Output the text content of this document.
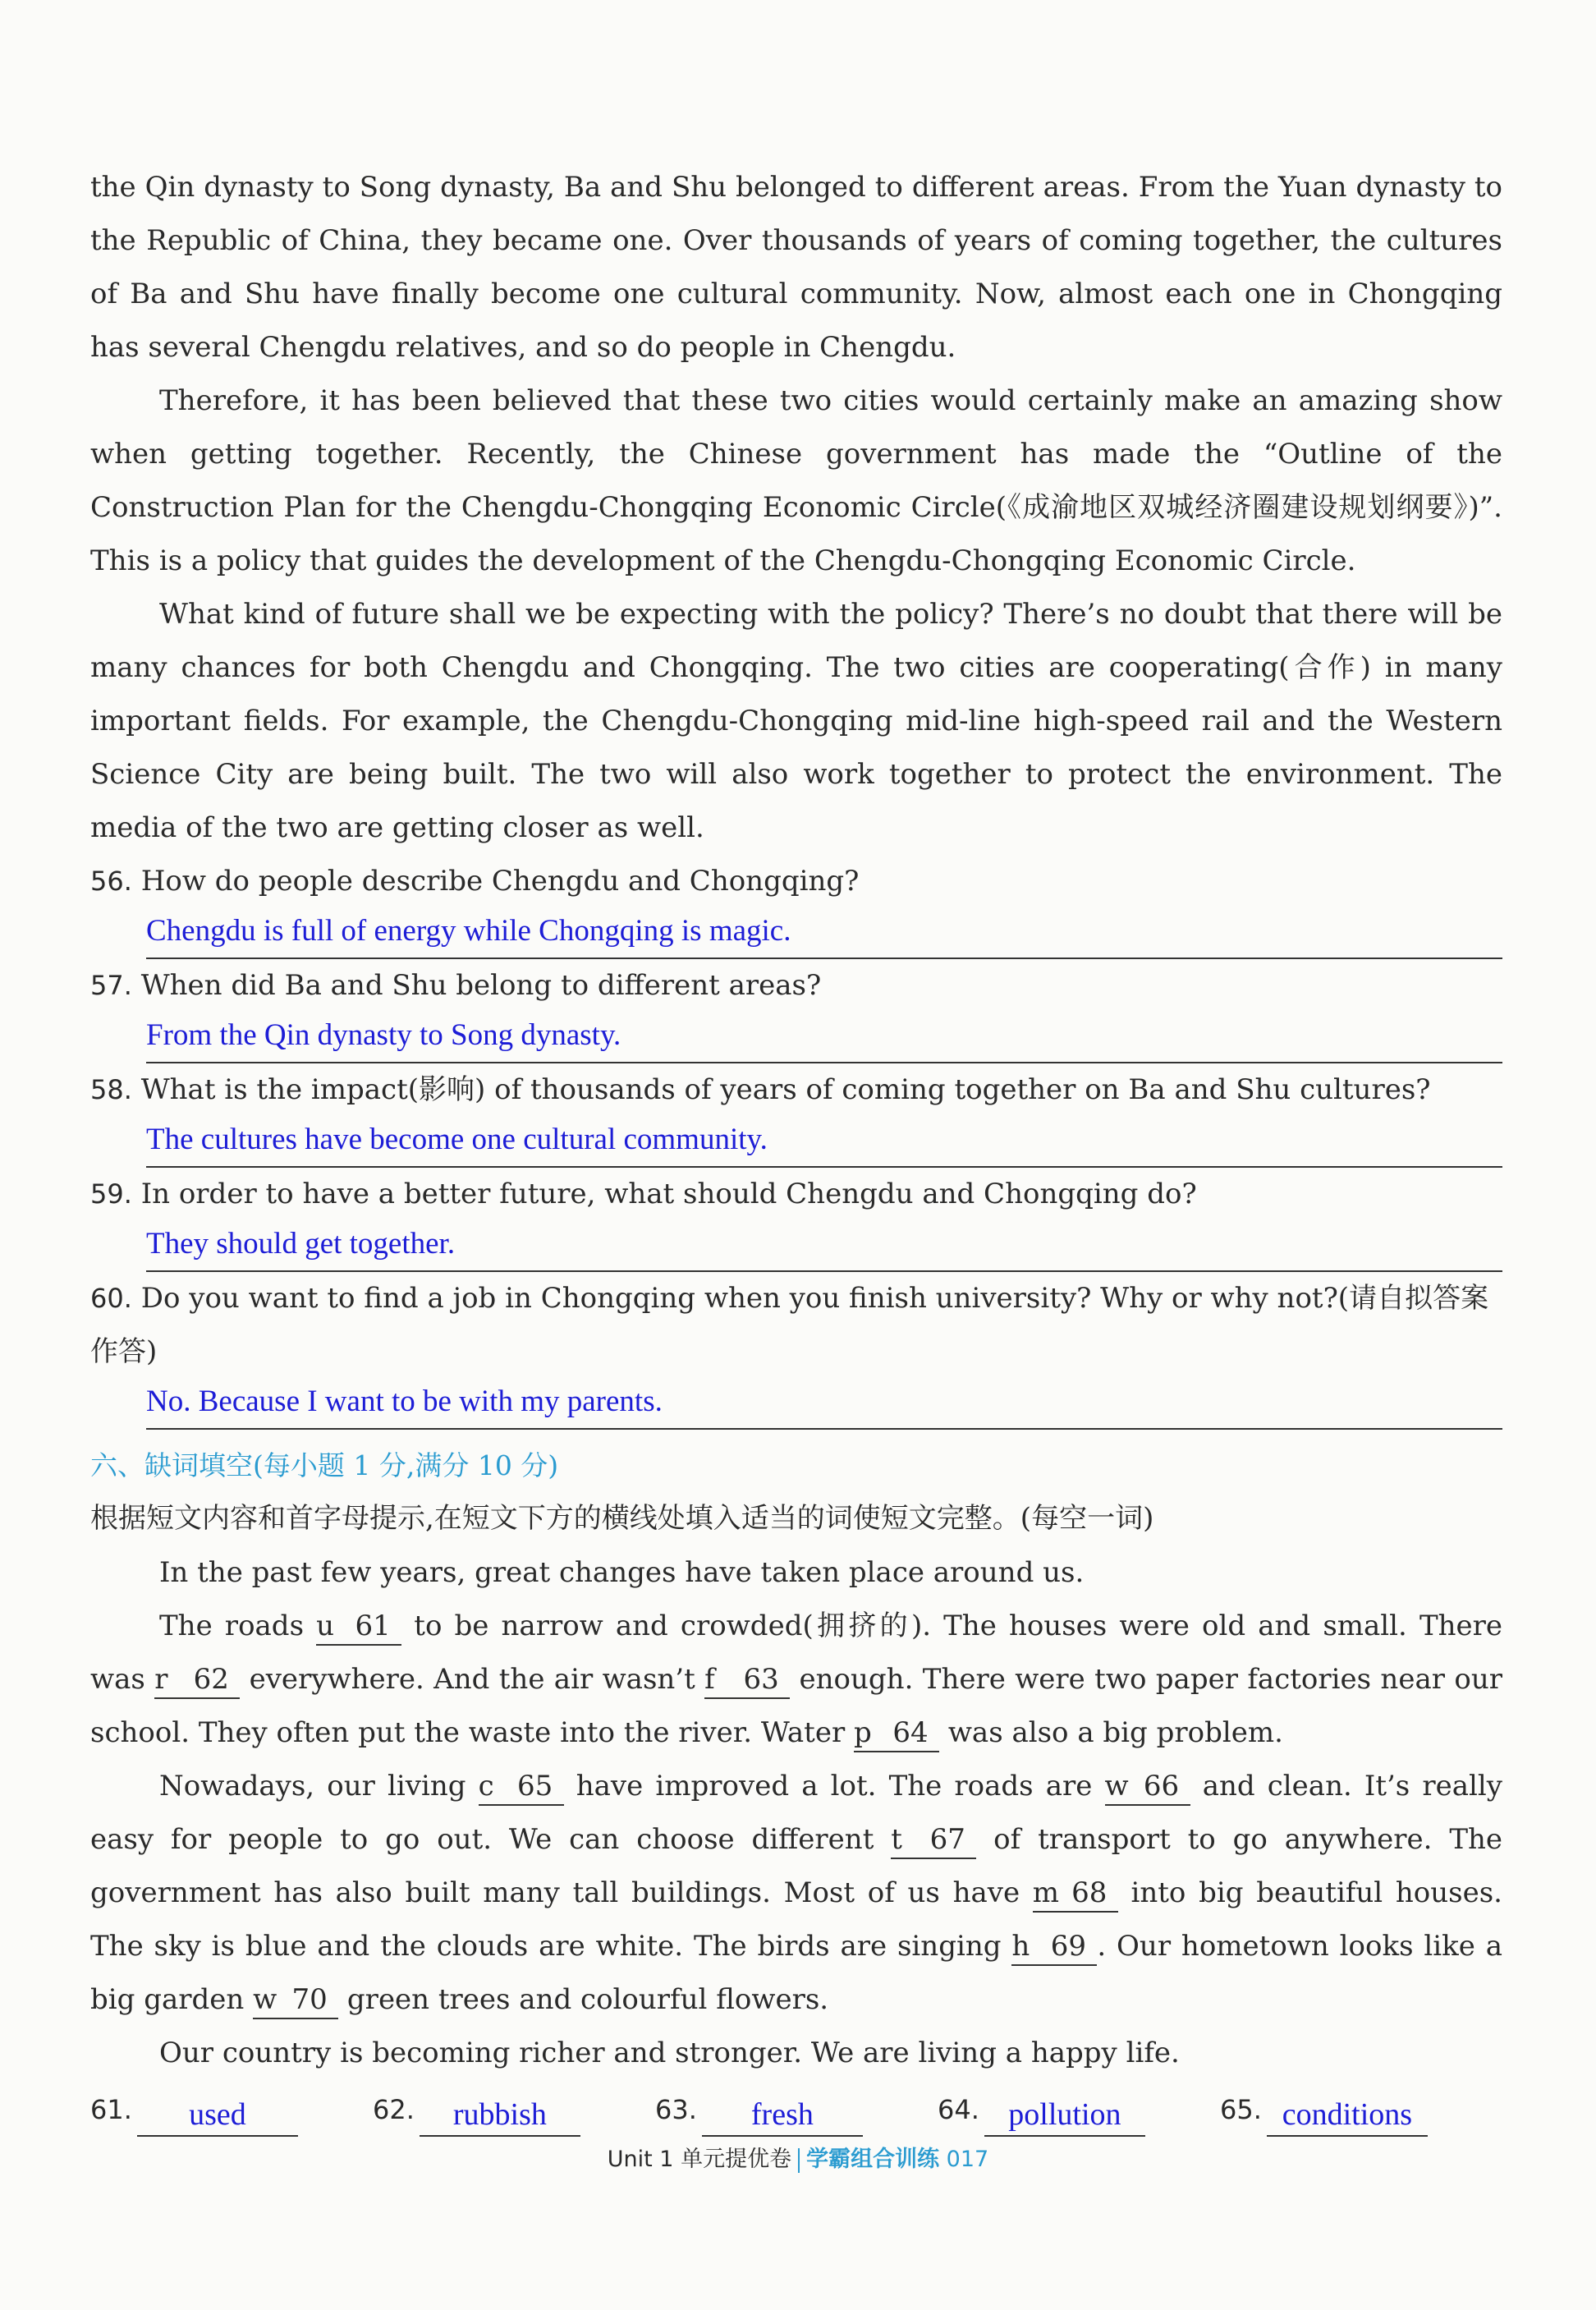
the Qin dynasty to Song dynasty, Ba and Shu belonged to different areas. From the Yuan dynasty to the Republic of China, they became one. Over thousands of years of coming together, the cultures of Ba and Shu have finally become one cultural community. Now, almost each one in Chongqing has several Chengdu relatives, and so do people in Chengdu.

Therefore, it has been believed that these two cities would certainly make an amazing show when getting together. Recently, the Chinese government has made the “Outline of the Construction Plan for the Chengdu-Chongqing Economic Circle(《成渝地区双城经济圈建设规划纲要》)”. This is a policy that guides the development of the Chengdu-Chongqing Economic Circle.

What kind of future shall we be expecting with the policy? There’s no doubt that there will be many chances for both Chengdu and Chongqing. The two cities are cooperating(合作) in many important fields. For example, the Chengdu-Chongqing mid-line high-speed rail and the Western Science City are being built. The two will also work together to protect the environment. The media of the two are getting closer as well.

56. How do people describe Chengdu and Chongqing?

Chengdu is full of energy while Chongqing is magic.

57. When did Ba and Shu belong to different areas?

From the Qin dynasty to Song dynasty.

58. What is the impact(影响) of thousands of years of coming together on Ba and Shu cultures?

The cultures have become one cultural community.

59. In order to have a better future, what should Chengdu and Chongqing do?

They should get together.

60. Do you want to find a job in Chongqing when you finish university? Why or why not?(请自拟答案作答)

No. Because I want to be with my parents.

六、缺词填空(每小题 1 分,满分 10 分)

根据短文内容和首字母提示,在短文下方的横线处填入适当的词使短文完整。(每空一词)

In the past few years, great changes have taken place around us.

The roads u 61 to be narrow and crowded(拥挤的). The houses were old and small. There was r 62 everywhere. And the air wasn’t f 63 enough. There were two paper factories near our school. They often put the waste into the river. Water p 64 was also a big problem.

Nowadays, our living c 65 have improved a lot. The roads are w 66 and clean. It’s really easy for people to go out. We can choose different t 67 of transport to go anywhere. The government has also built many tall buildings. Most of us have m 68 into big beautiful houses. The sky is blue and the clouds are white. The birds are singing h 69 . Our hometown looks like a big garden w 70 green trees and colourful flowers.

Our country is becoming richer and stronger. We are living a happy life.

61.	used	62.	rubbish	63.	fresh	64. pollution	65. conditions
Unit 1 单元提优卷 学霸组合训练 017
